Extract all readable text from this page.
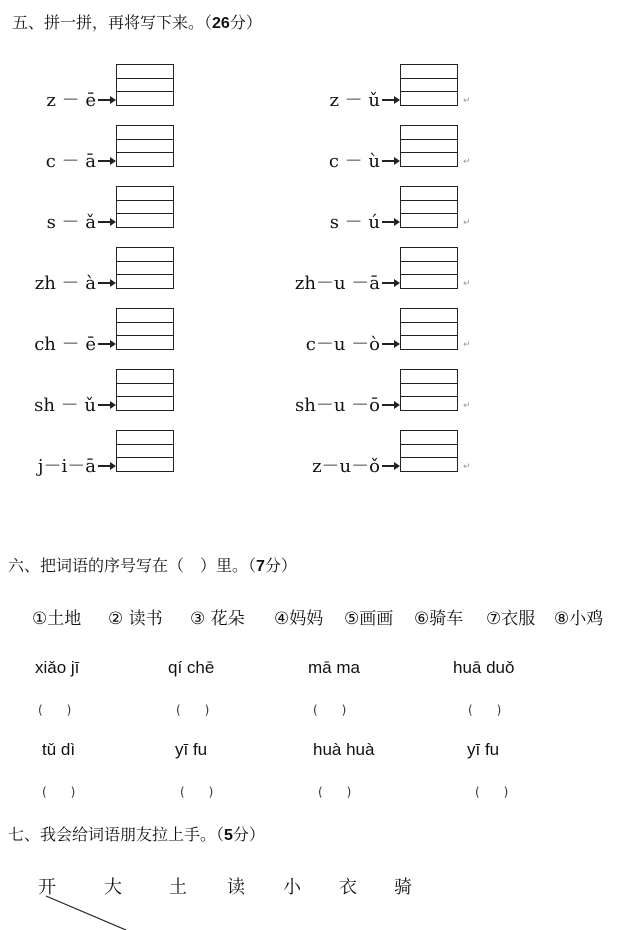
五、拼一拼，再将写下来。（26分）
z － ē	z － ǔ	↵
c － ā	c － ù	↵
s － ǎ	s － ú	↵
zh － à	zh－u －ā	↵
ch － ē	c－u －ò	↵
sh － ǔ	sh－u －ō	↵
j－i－ā	z－u－ǒ	↵
六、把词语的序号写在（　）里。（7分）
①土地 ② 读书 ③ 花朵 ④妈妈 ⑤画画 ⑥骑车 ⑦衣服 ⑧小鸡
xiǎo jī	qí chē	mā ma	huā duǒ
(　　)	(　　)	(　　)	(　　)
tǔ dì	yī fu	huà huà	yī fu
(　　)	(　　)	(　　)	(　　)
七、我会给词语朋友拉上手。（5分）
开	大	土 读 小 衣 骑
